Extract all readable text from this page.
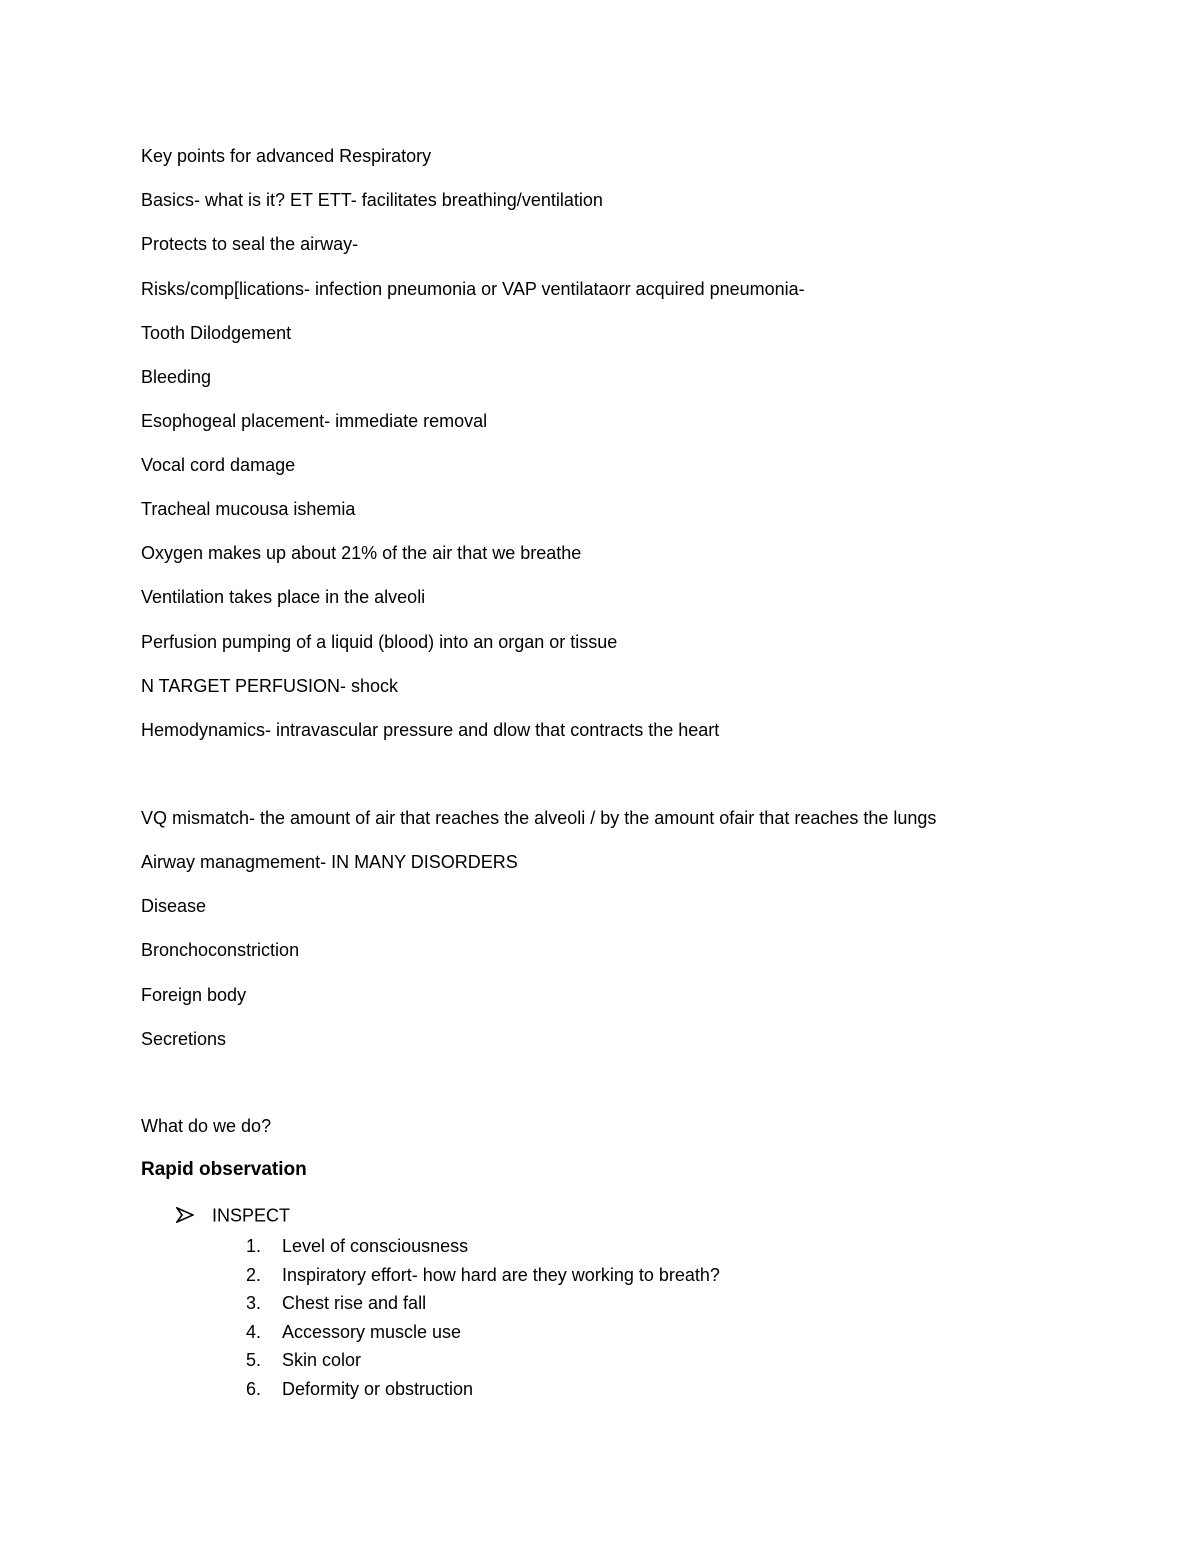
Key points for advanced Respiratory

Basics- what is it? ET ETT- facilitates breathing/ventilation

Protects to seal the airway-

Risks/comp[lications- infection pneumonia or VAP ventilataorr acquired pneumonia-

Tooth Dilodgement

Bleeding

Esophogeal placement- immediate removal

Vocal cord damage

Tracheal mucousa ishemia

Oxygen makes up about 21% of the air that we breathe

Ventilation takes place in the alveoli

Perfusion pumping of a liquid (blood) into an organ or tissue

N TARGET PERFUSION- shock

Hemodynamics- intravascular pressure and dlow that contracts the heart

VQ mismatch- the amount of air that reaches the alveoli / by the amount ofair that reaches the lungs

Airway managmement- IN MANY DISORDERS

Disease

Bronchoconstriction

Foreign body

Secretions

What do we do?

Rapid observation
INSPECT
1. Level of consciousness
2. Inspiratory effort- how hard are they working to breath?
3. Chest rise and fall
4. Accessory muscle use
5. Skin color
6. Deformity or obstruction
